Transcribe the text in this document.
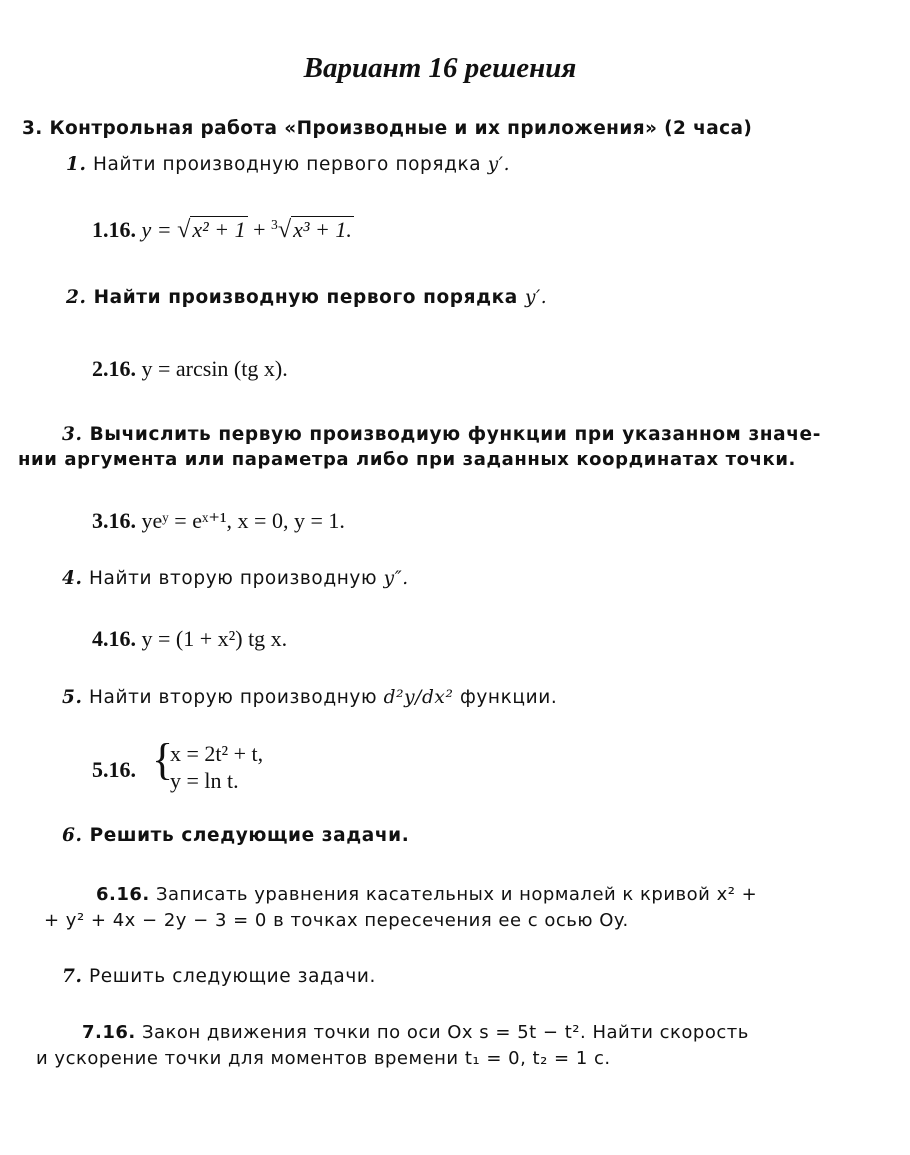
Вариант 16 решения
3. Контрольная работа «Производные и их приложения» (2 часа)
1. Найти производную первого порядка y′.
1.16. y = √x² + 1 + $^3$√x³ + 1.
2. Найти производную первого порядка y′.
2.16. y = arcsin (tg x).
3. Вычислить первую производиую функции при указанном значе-
нии аргумента или параметра либо при заданных координатах точки.
3.16. yeʸ = eˣ⁺¹, x = 0, y = 1.
4. Найти вторую производную y″.
4.16. y = (1 + x²) tg x.
5. Найти вторую производную d²y/dx² функции.
5.16. {
x = 2t² + t,
y = ln t.
6. Решить следующие задачи.
6.16. Записать уравнения касательных и нормалей к кривой x² +
+ y² + 4x − 2y − 3 = 0 в точках пересечения ее с осью Oy.
7. Решить следующие задачи.
7.16. Закон движения точки по оси Ox s = 5t − t². Найти скорость
и ускорение точки для моментов времени t₁ = 0, t₂ = 1 с.
